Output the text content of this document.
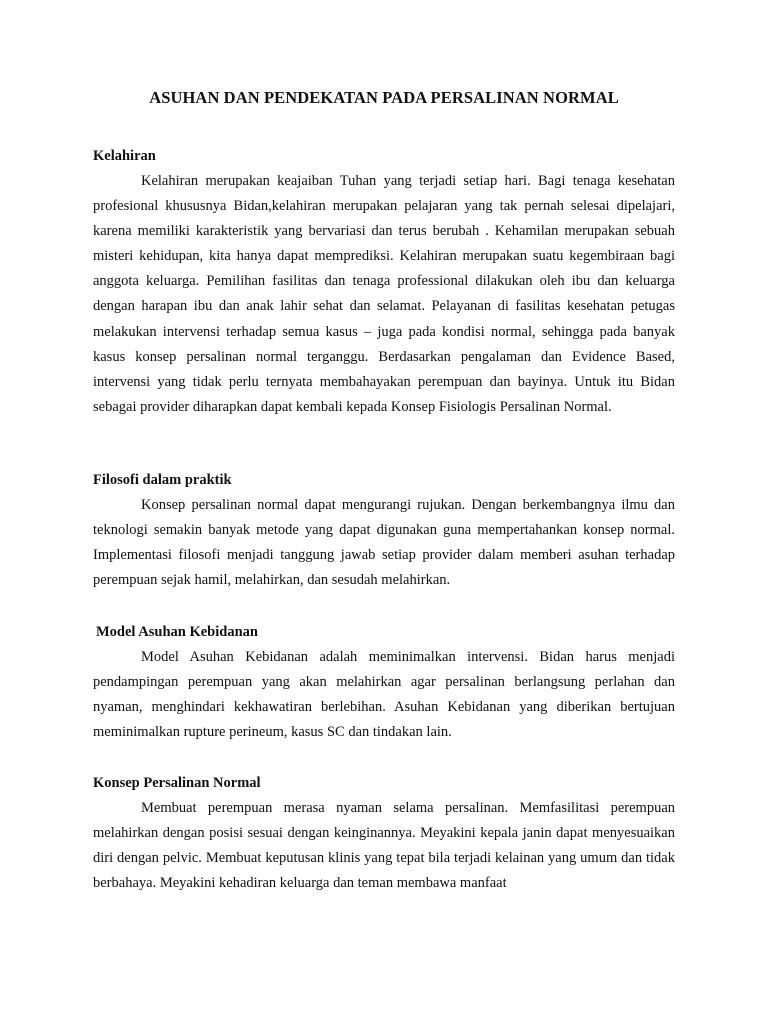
ASUHAN DAN PENDEKATAN PADA PERSALINAN NORMAL

Kelahiran

Kelahiran merupakan keajaiban Tuhan yang terjadi setiap hari. Bagi tenaga kesehatan profesional khususnya Bidan,kelahiran merupakan pelajaran yang tak pernah selesai dipelajari, karena memiliki karakteristik yang bervariasi dan terus berubah . Kehamilan merupakan sebuah misteri kehidupan, kita hanya dapat memprediksi. Kelahiran merupakan suatu kegembiraan bagi anggota keluarga. Pemilihan fasilitas dan tenaga professional dilakukan oleh ibu dan keluarga dengan harapan ibu dan anak lahir sehat dan selamat. Pelayanan di fasilitas kesehatan petugas melakukan intervensi terhadap semua kasus – juga pada kondisi normal, sehingga pada banyak kasus konsep persalinan normal terganggu. Berdasarkan pengalaman dan Evidence Based, intervensi yang tidak perlu ternyata membahayakan perempuan dan bayinya. Untuk itu Bidan sebagai provider diharapkan dapat kembali kepada Konsep Fisiologis Persalinan Normal.

Filosofi dalam praktik

Konsep persalinan normal dapat mengurangi rujukan. Dengan berkembangnya ilmu dan teknologi semakin banyak metode yang dapat digunakan guna mempertahankan konsep normal. Implementasi filosofi menjadi tanggung jawab setiap provider dalam memberi asuhan terhadap perempuan sejak hamil, melahirkan, dan sesudah melahirkan.

Model Asuhan Kebidanan

Model Asuhan Kebidanan adalah meminimalkan intervensi. Bidan harus menjadi pendampingan perempuan yang akan melahirkan agar persalinan berlangsung perlahan dan nyaman, menghindari kekhawatiran berlebihan. Asuhan Kebidanan yang diberikan bertujuan meminimalkan rupture perineum, kasus SC dan tindakan lain.

Konsep Persalinan Normal

Membuat perempuan merasa nyaman selama persalinan. Memfasilitasi perempuan melahirkan dengan posisi sesuai dengan keinginannya. Meyakini kepala janin dapat menyesuaikan diri dengan pelvic. Membuat keputusan klinis yang tepat bila terjadi kelainan yang umum dan tidak berbahaya. Meyakini kehadiran keluarga dan teman membawa manfaat
